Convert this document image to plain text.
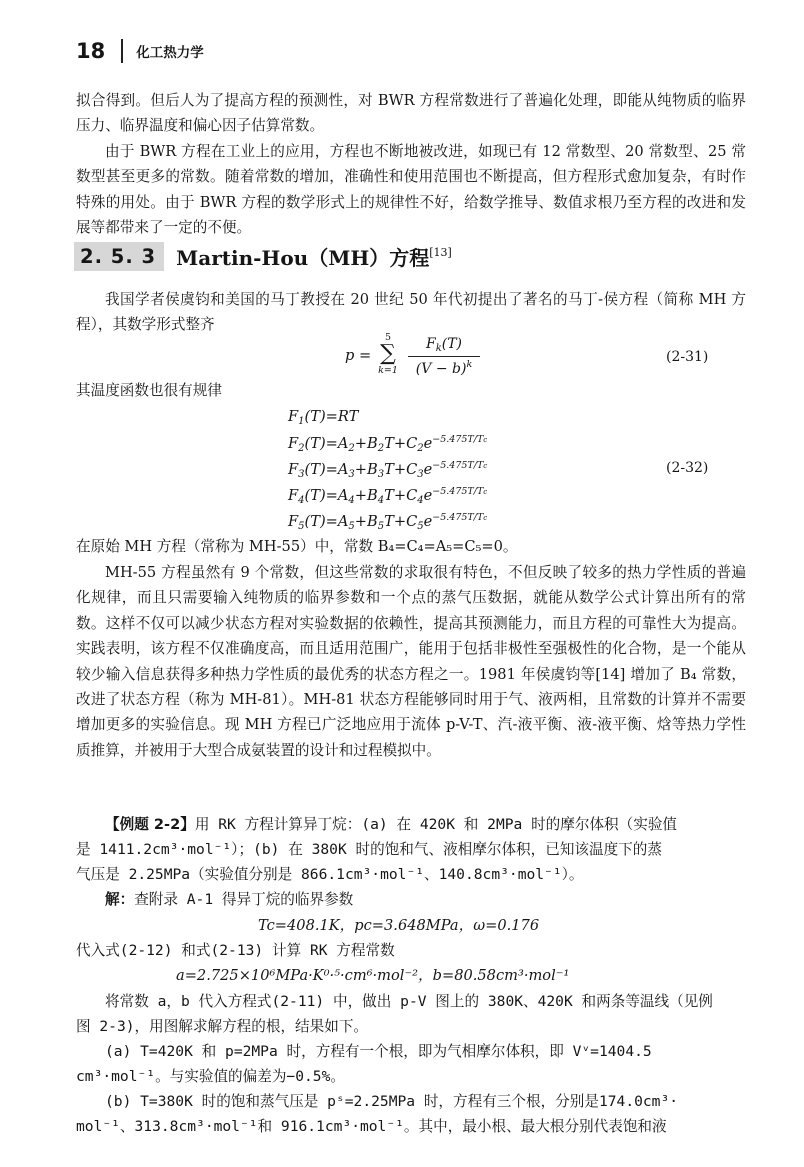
18 化工热力学

拟合得到。但后人为了提高方程的预测性，对 BWR 方程常数进行了普遍化处理，即能从纯物质的临界压力、临界温度和偏心因子估算常数。

由于 BWR 方程在工业上的应用，方程也不断地被改进，如现已有 12 常数型、20 常数型、25 常数型甚至更多的常数。随着常数的增加，准确性和使用范围也不断提高，但方程形式愈加复杂，有时作特殊的用处。由于 BWR 方程的数学形式上的规律性不好，给数学推导、数值求根乃至方程的改进和发展等都带来了一定的不便。

2. 5. 3	Martin-Hou（MH）方程[13]

我国学者侯虞钧和美国的马丁教授在 20 世纪 50 年代初提出了著名的马丁-侯方程（简称 MH 方程），其数学形式整齐

p =
5
∑
k=1
$F_k(T)$
$(V - b)^k$	(2-31)

其温度函数也很有规律

$F_1(T)=RT$
$F_2(T)=A_2+B_2T+C_2e^{-5.475T/Tc}$
$F_3(T)=A_3+B_3T+C_3e^{-5.475T/Tc}$
$F_4(T)=A_4+B_4T+C_4e^{-5.475T/Tc}$
$F_5(T)=A_5+B_5T+C_5e^{-5.475T/Tc}$
(2-32)

在原始 MH 方程（常称为 MH-55）中，常数 B₄=C₄=A₅=C₅=0。

MH-55 方程虽然有 9 个常数，但这些常数的求取很有特色，不但反映了较多的热力学性质的普遍化规律，而且只需要输入纯物质的临界参数和一个点的蒸气压数据，就能从数学公式计算出所有的常数。这样不仅可以减少状态方程对实验数据的依赖性，提高其预测能力，而且方程的可靠性大为提高。实践表明，该方程不仅准确度高，而且适用范围广，能用于包括非极性至强极性的化合物，是一个能从较少输入信息获得多种热力学性质的最优秀的状态方程之一。1981 年侯虞钧等[14] 增加了 B₄ 常数，改进了状态方程（称为 MH-81）。MH-81 状态方程能够同时用于气、液两相，且常数的计算并不需要增加更多的实验信息。现 MH 方程已广泛地应用于流体 p-V-T、汽-液平衡、液-液平衡、焓等热力学性质推算，并被用于大型合成氨装置的设计和过程模拟中。

【例题 2-2】用 RK 方程计算异丁烷：(a) 在 420K 和 2MPa 时的摩尔体积（实验值

是 1411.2cm³·mol⁻¹）；(b) 在 380K 时的饱和气、液相摩尔体积，已知该温度下的蒸

气压是 2.25MPa（实验值分别是 866.1cm³·mol⁻¹、140.8cm³·mol⁻¹）。

解：查附录 A-1 得异丁烷的临界参数

Tc=408.1K，pc=3.648MPa，ω=0.176

代入式(2-12) 和式(2-13) 计算 RK 方程常数

a=2.725×10⁶MPa·K⁰·⁵·cm⁶·mol⁻²，b=80.58cm³·mol⁻¹

将常数 a，b 代入方程式(2-11) 中，做出 p-V 图上的 380K、420K 和两条等温线（见例

图 2-3)，用图解求解方程的根，结果如下。

(a) T=420K 和 p=2MPa 时，方程有一个根，即为气相摩尔体积，即 Vᵛ=1404.5

cm³·mol⁻¹。与实验值的偏差为−0.5%。

(b) T=380K 时的饱和蒸气压是 pˢ=2.25MPa 时，方程有三个根，分别是174.0cm³·

mol⁻¹、313.8cm³·mol⁻¹和 916.1cm³·mol⁻¹。其中，最小根、最大根分别代表饱和液
